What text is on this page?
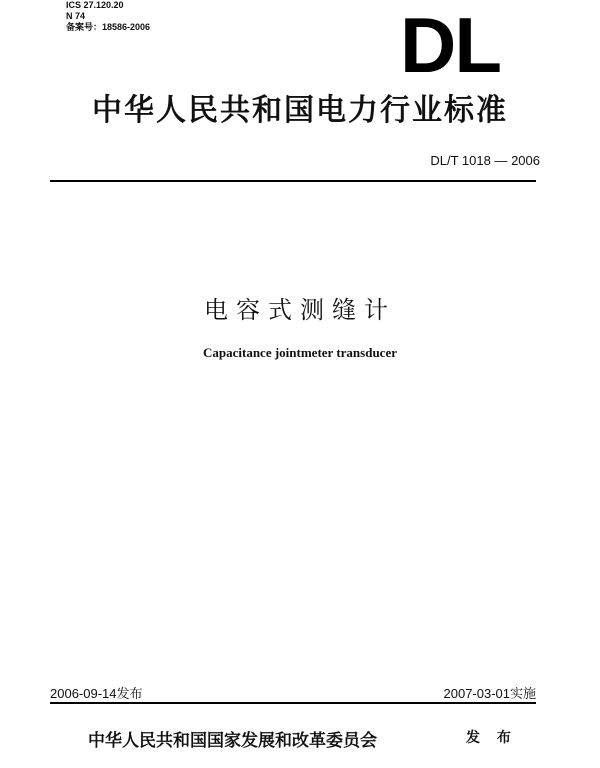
ICS 27.120.20
N 74
备案号：18586-2006	DL
中华人民共和国电力行业标准
DL/T 1018 — 2006
电容式测缝计
Capacitance jointmeter transducer
2006-09-14发布	2007-03-01实施
中华人民共和国国家发展和改革委员会	发 布
